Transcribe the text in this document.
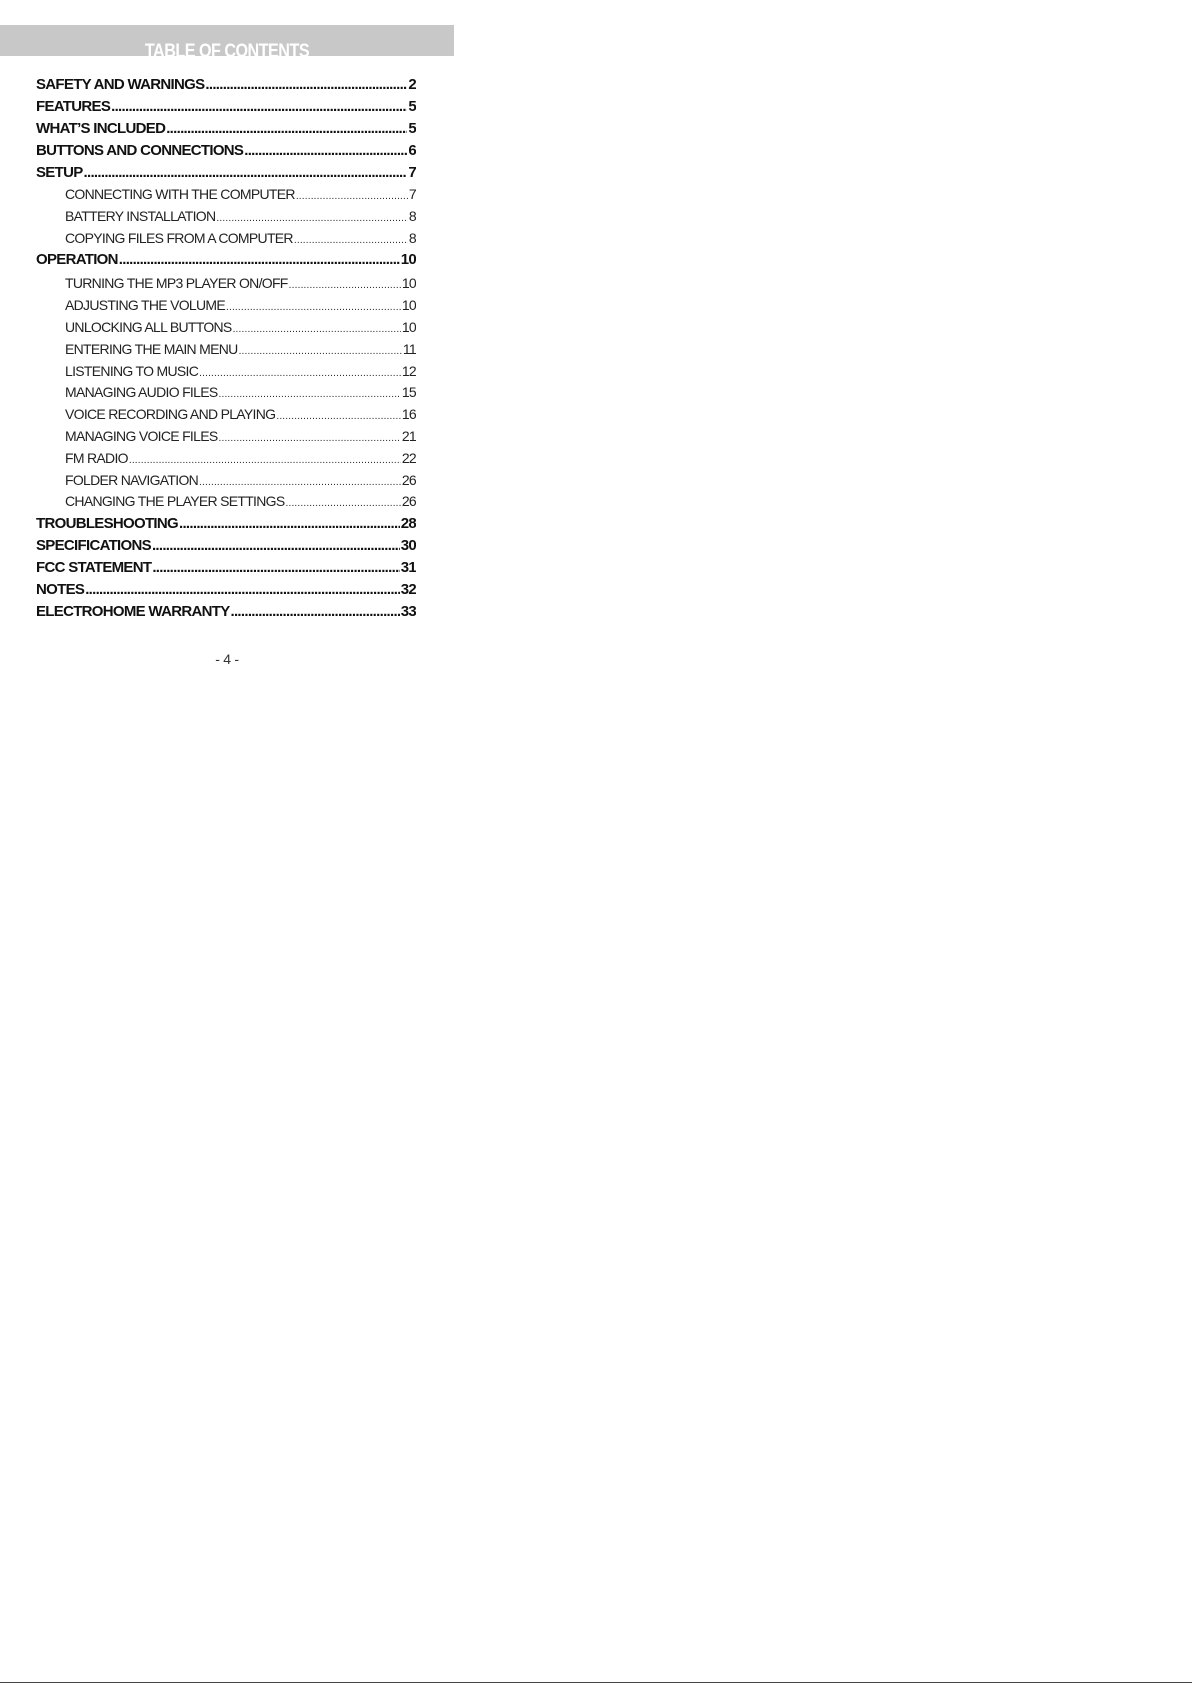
TABLE OF CONTENTS
SAFETY AND WARNINGS .....	2
FEATURES .....	5
WHAT’S INCLUDED .....	5
BUTTONS AND CONNECTIONS .....	6
SETUP .....	7
CONNECTING WITH THE COMPUTER .....	7
BATTERY INSTALLATION .....	8
COPYING FILES FROM A COMPUTER .....	8
OPERATION .....	10
TURNING THE MP3 PLAYER ON/OFF .....	10
ADJUSTING THE VOLUME .....	10
UNLOCKING ALL BUTTONS .....	10
ENTERING THE MAIN MENU .....	11
LISTENING TO MUSIC .....	12
MANAGING AUDIO FILES .....	15
VOICE RECORDING AND PLAYING .....	16
MANAGING VOICE FILES .....	21
FM RADIO .....	22
FOLDER NAVIGATION .....	26
CHANGING THE PLAYER SETTINGS .....	26
TROUBLESHOOTING .....	28
SPECIFICATIONS .....	30
FCC STATEMENT .....	31
NOTES .....	32
ELECTROHOME WARRANTY .....	33
- 4 -
